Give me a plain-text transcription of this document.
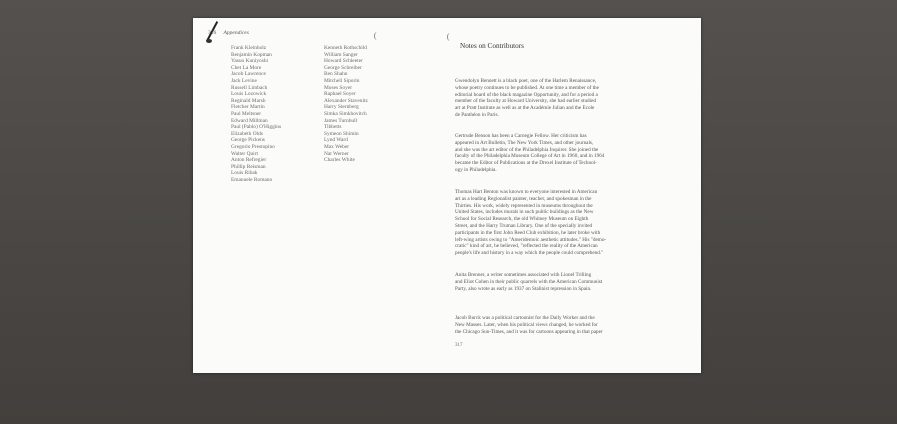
316 Appendices
Frank Kleinholz
Benjamin Kopman
Yasuo Kuniyoshi
Chet La More
Jacob Lawrence
Jack Levine
Russell Limbach
Louis Lozowick
Reginald Marsh
Fletcher Martin
Paul Meltsner
Edward Millman
Paul (Pablo) O'Higgins
Elizabeth Olds
George Pickens
Gregorio Prestopino
Walter Quirt
Anton Refregier
Phillip Reisman
Louis Ribak
Emanuele Romano
Kenneth Rothschild
William Sanger
Howard Schleeter
George Schreiber
Ben Shahn
Mitchell Siporin
Moses Soyer
Raphael Soyer
Alexander Stavenitz
Harry Sternberg
Simka Simkhovitch
James Turnbull
Tibbetts
Symeon Shimin
Lynd Ward
Max Weber
Nat Werner
Charles White
Notes on Contributors
Gwendolyn Bennett is a black poet, one of the Harlem Renaissance,
whose poetry continues to be published. At one time a member of the
editorial board of the black magazine Opportunity, and for a period a
member of the faculty at Howard University, she had earlier studied
art at Pratt Institute as well as at the Académie Julian and the École
de Panthéon in Paris.
Gertrude Benson has been a Carnegie Fellow. Her criticism has
appeared in Art Bulletin, The New York Times, and other journals,
and she was the art editor of the Philadelphia Inquirer. She joined the
faculty of the Philadelphia Museum College of Art in 1960, and in 1964
became the Editor of Publications at the Drexel Institute of Technol-
ogy in Philadelphia.
Thomas Hart Benton was known to everyone interested in American
art as a leading Regionalist painter, teacher, and spokesman in the
Thirties. His work, widely represented in museums throughout the
United States, includes murals in such public buildings as the New
School for Social Research, the old Whitney Museum on Eighth
Street, and the Harry Truman Library. One of the specially invited
participants in the first John Reed Club exhibition, he later broke with
left-wing artists owing to "Ameridemoic aesthetic attitudes." His "demo-
cratic" kind of art, he believed, "reflected the reality of the American
people's life and history in a way which the people could comprehend."
Anita Brenner, a writer sometimes associated with Lionel Trilling
and Eliot Cohen in their public quarrels with the American Communist
Party, also wrote as early as 1937 on Stalinist repression in Spain.
Jacob Burck was a political cartoonist for the Daily Worker and the
New Masses. Later, when his political views changed, he worked for
the Chicago Sun-Times, and it was for cartoons appearing in that paper
317
